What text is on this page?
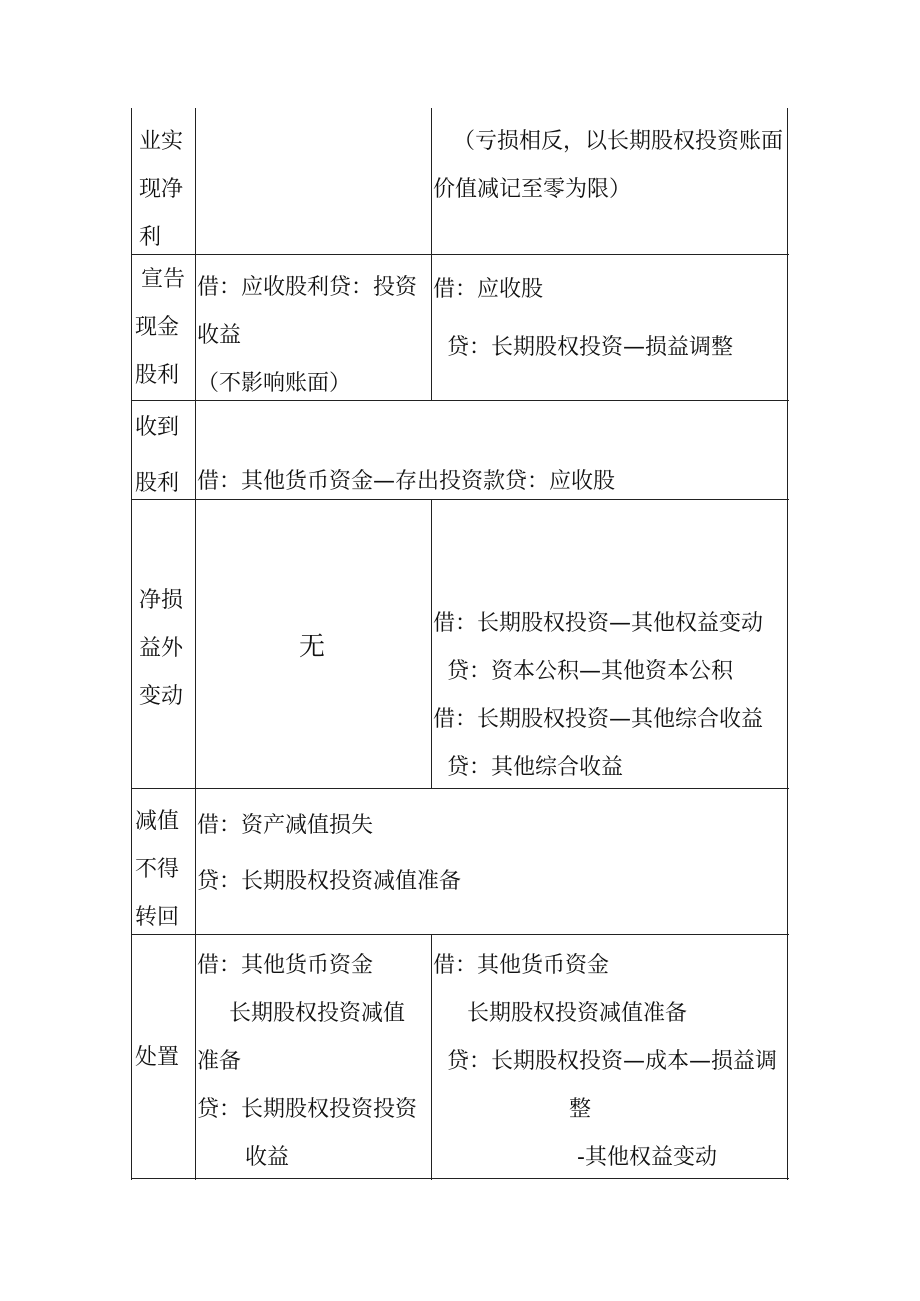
业实
现净
利
（亏损相反，以长期股权投资账面
价值减记至零为限）
宣告
现金
股利
借：应收股利贷：投资
收益
（不影响账面）
借：应收股
贷：长期股权投资—损益调整
收到
股利 借：其他货币资金—存出投资款贷：应收股
净损
益外
变动
无
借：长期股权投资—其他权益变动
贷：资本公积—其他资本公积
借：长期股权投资—其他综合收益
贷：其他综合收益
减值
不得
转回
借：资产减值损失
贷：长期股权投资减值准备
处置
借：其他货币资金
长期股权投资减值
准备
贷：长期股权投资投资
收益
借：其他货币资金
长期股权投资减值准备
贷：长期股权投资—成本—损益调
整
-其他权益变动
